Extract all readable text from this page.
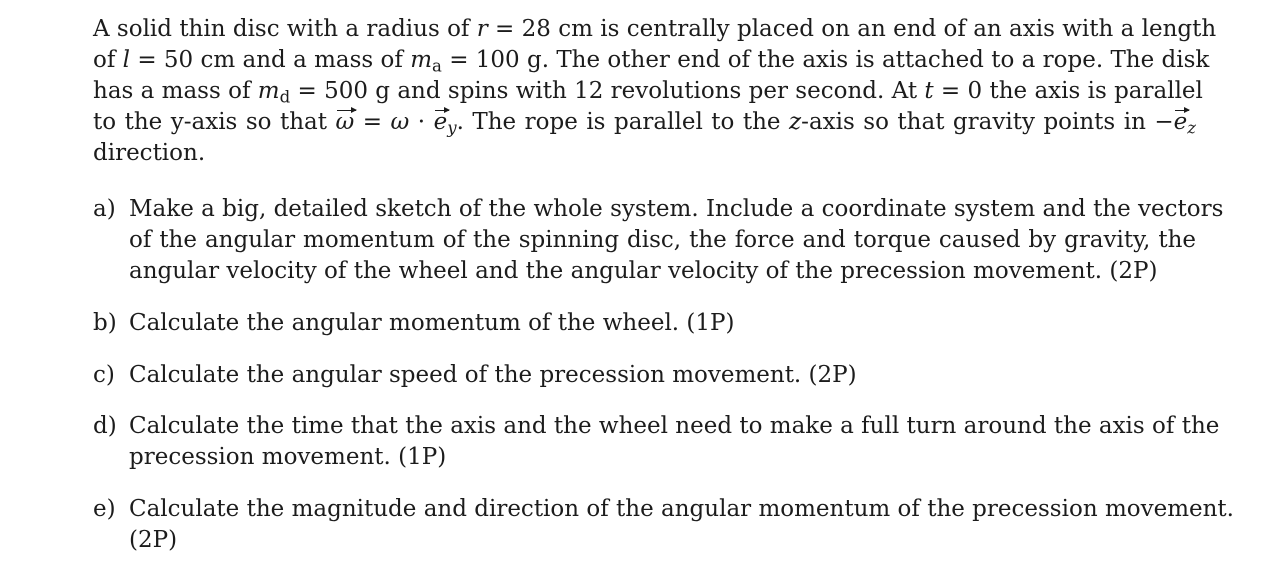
A solid thin disc with a radius of r = 28 cm is centrally placed on an end of an axis with a length
of l = 50 cm and a mass of $m_a = 100$ g. The other end of the axis is attached to a rope. The disk
has a mass of $m_d = 500$ g and spins with 12 revolutions per second. At t = 0 the axis is parallel
to the y-axis so that $\omega = \omega \cdot e_y$. The rope is parallel to the z-axis so that gravity points in $-e_z$
direction.
a) Make a big, detailed sketch of the whole system. Include a coordinate system and the vectors
of the angular momentum of the spinning disc, the force and torque caused by gravity, the
angular velocity of the wheel and the angular velocity of the precession movement. (2P)
b) Calculate the angular momentum of the wheel. (1P)
c) Calculate the angular speed of the precession movement. (2P)
d) Calculate the time that the axis and the wheel need to make a full turn around the axis of the
precession movement. (1P)
e) Calculate the magnitude and direction of the angular momentum of the precession movement.
(2P)
